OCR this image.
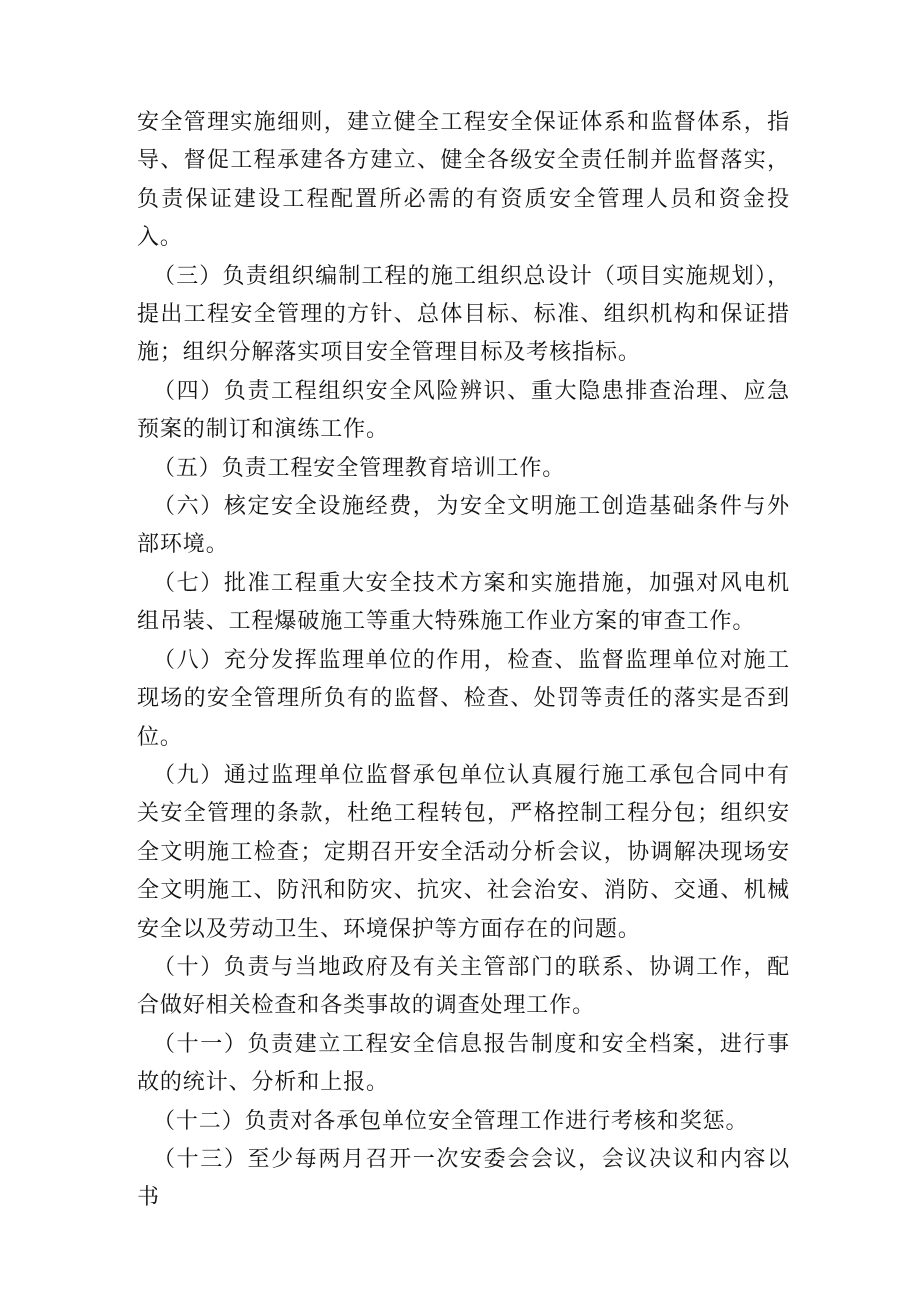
安全管理实施细则，建立健全工程安全保证体系和监督体系，指导、督促工程承建各方建立、健全各级安全责任制并监督落实，负责保证建设工程配置所必需的有资质安全管理人员和资金投入。

（三）负责组织编制工程的施工组织总设计（项目实施规划），提出工程安全管理的方针、总体目标、标准、组织机构和保证措施；组织分解落实项目安全管理目标及考核指标。

（四）负责工程组织安全风险辨识、重大隐患排查治理、应急预案的制订和演练工作。

（五）负责工程安全管理教育培训工作。

（六）核定安全设施经费，为安全文明施工创造基础条件与外部环境。

（七）批准工程重大安全技术方案和实施措施，加强对风电机组吊装、工程爆破施工等重大特殊施工作业方案的审查工作。

（八）充分发挥监理单位的作用，检查、监督监理单位对施工现场的安全管理所负有的监督、检查、处罚等责任的落实是否到位。

（九）通过监理单位监督承包单位认真履行施工承包合同中有关安全管理的条款，杜绝工程转包，严格控制工程分包；组织安全文明施工检查；定期召开安全活动分析会议，协调解决现场安全文明施工、防汛和防灾、抗灾、社会治安、消防、交通、机械安全以及劳动卫生、环境保护等方面存在的问题。

（十）负责与当地政府及有关主管部门的联系、协调工作，配合做好相关检查和各类事故的调查处理工作。

（十一）负责建立工程安全信息报告制度和安全档案，进行事故的统计、分析和上报。

（十二）负责对各承包单位安全管理工作进行考核和奖惩。

（十三）至少每两月召开一次安委会会议，会议决议和内容以书
